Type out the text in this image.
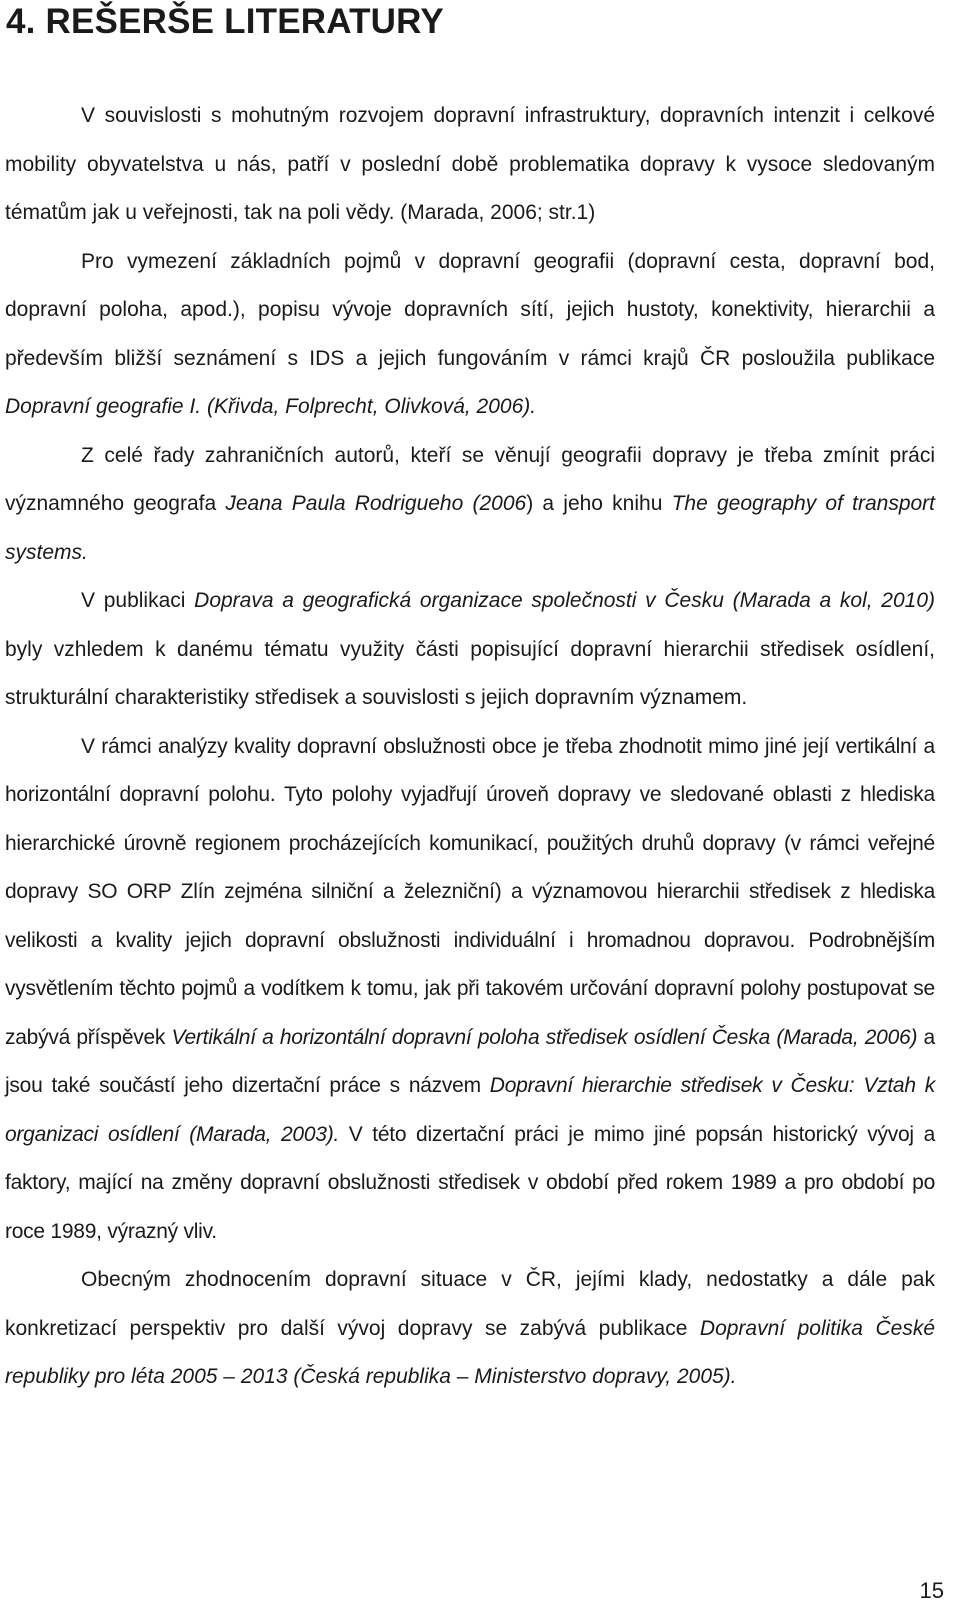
4. REŠERŠE LITERATURY

V souvislosti s mohutným rozvojem dopravní infrastruktury, dopravních intenzit i celkové mobility obyvatelstva u nás, patří v poslední době problematika dopravy k vysoce sledovaným tématům jak u veřejnosti, tak na poli vědy. (Marada, 2006; str.1)

Pro vymezení základních pojmů v dopravní geografii (dopravní cesta, dopravní bod, dopravní poloha, apod.), popisu vývoje dopravních sítí, jejich hustoty, konektivity, hierarchii a především bližší seznámení s IDS a jejich fungováním v rámci krajů ČR posloužila publikace Dopravní geografie I. (Křivda, Folprecht, Olivková, 2006).

Z celé řady zahraničních autorů, kteří se věnují geografii dopravy je třeba zmínit práci významného geografa Jeana Paula Rodrigueho (2006) a jeho knihu The geography of transport systems.

V publikaci Doprava a geografická organizace společnosti v Česku (Marada a kol, 2010) byly vzhledem k danému tématu využity části popisující dopravní hierarchii středisek osídlení, strukturální charakteristiky středisek a souvislosti s jejich dopravním významem.

V rámci analýzy kvality dopravní obslužnosti obce je třeba zhodnotit mimo jiné její vertikální a horizontální dopravní polohu. Tyto polohy vyjadřují úroveň dopravy ve sledované oblasti z hlediska hierarchické úrovně regionem procházejících komunikací, použitých druhů dopravy (v rámci veřejné dopravy SO ORP Zlín zejména silniční a železniční) a významovou hierarchii středisek z hlediska velikosti a kvality jejich dopravní obslužnosti individuální i hromadnou dopravou. Podrobnějším vysvětlením těchto pojmů a vodítkem k tomu, jak při takovém určování dopravní polohy postupovat se zabývá příspěvek Vertikální a horizontální dopravní poloha středisek osídlení Česka (Marada, 2006) a jsou také součástí jeho dizertační práce s názvem Dopravní hierarchie středisek v Česku: Vztah k organizaci osídlení (Marada, 2003). V této dizertační práci je mimo jiné popsán historický vývoj a faktory, mající na změny dopravní obslužnosti středisek v období před rokem 1989 a pro období po roce 1989, výrazný vliv.

Obecným zhodnocením dopravní situace v ČR, jejími klady, nedostatky a dále pak konkretizací perspektiv pro další vývoj dopravy se zabývá publikace Dopravní politika České republiky pro léta 2005 – 2013 (Česká republika – Ministerstvo dopravy, 2005).

15
